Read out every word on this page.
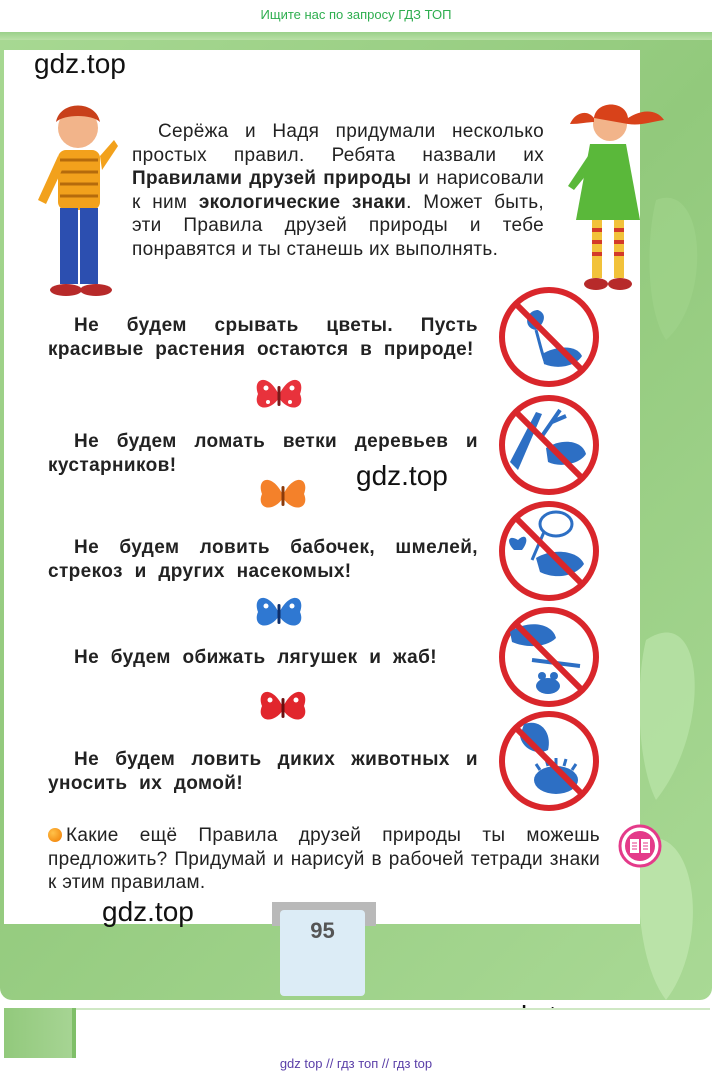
Ищите нас по запросу ГДЗ ТОП
gdz.top
gdz.top
gdz.top
Серёжа и Надя придумали несколько простых правил. Ребята назвали их Правилами друзей природы и нарисовали к ним экологические знаки. Может быть, эти Правила друзей природы и тебе понравятся и ты станешь их выполнять.
Не будем срывать цветы. Пусть красивые растения остаются в природе!
Не будем ломать ветки деревьев и кустарников!
Не будем ловить бабочек, шмелей, стрекоз и других насекомых!
Не будем обижать лягушек и жаб!
Не будем ловить диких животных и уносить их домой!
Какие ещё Правила друзей природы ты можешь предложить? Придумай и нарисуй в рабочей тетради знаки к этим правилам.
95
gdz top // гдз топ // гдз top
